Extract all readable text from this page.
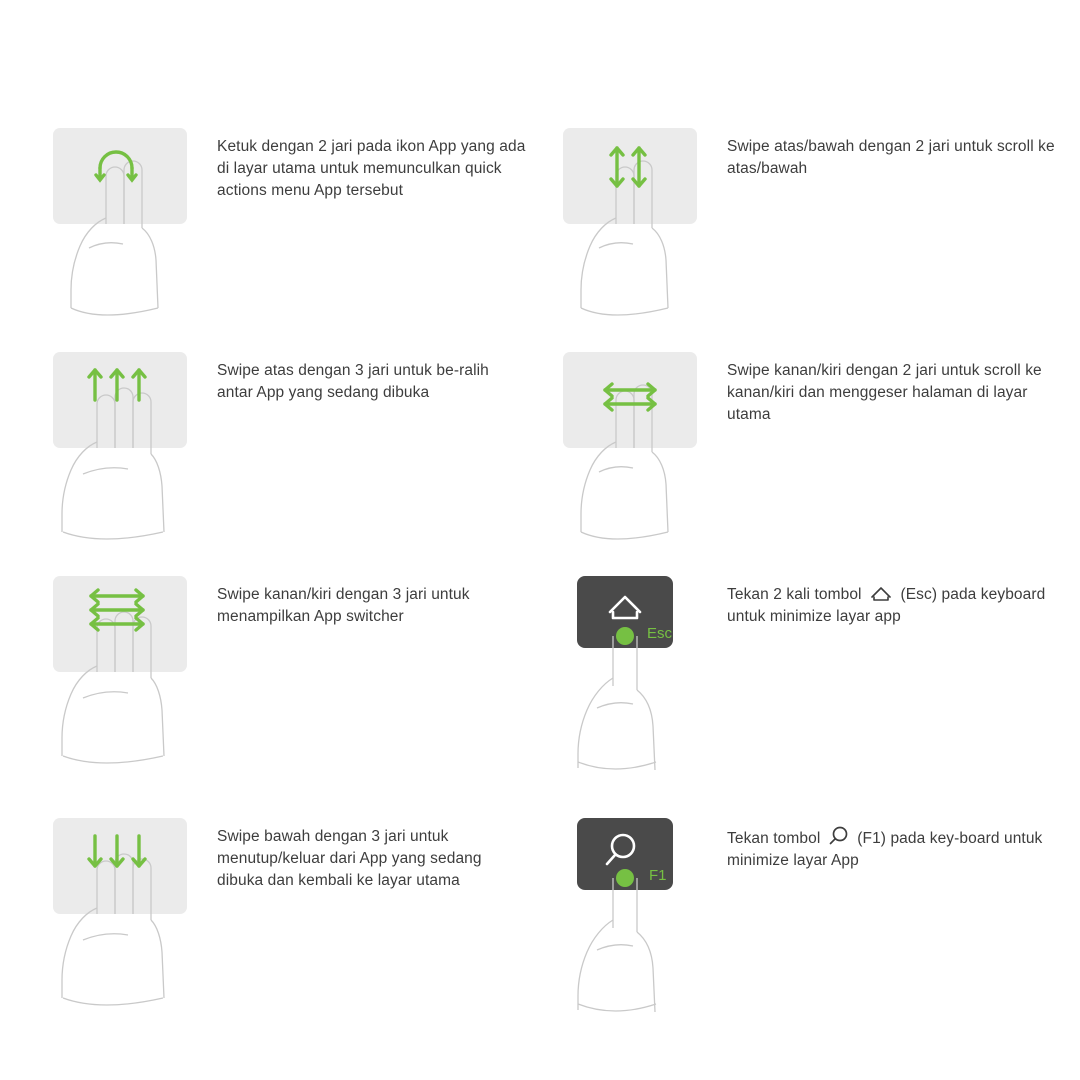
Ketuk dengan 2 jari pada ikon App yang ada di layar utama untuk memunculkan quick actions menu App tersebut
Swipe atas/bawah dengan 2 jari untuk scroll ke atas/bawah
Swipe atas dengan 3 jari untuk be-ralih antar App yang sedang dibuka
Swipe kanan/kiri dengan 2 jari untuk scroll ke kanan/kiri dan menggeser halaman di layar utama
Swipe kanan/kiri dengan 3 jari untuk menampilkan App switcher
Esc
Tekan 2 kali tombol	(Esc) pada keyboard untuk minimize layar app
Swipe bawah dengan 3 jari untuk menutup/keluar dari App yang sedang dibuka dan kembali ke layar utama	F1
Tekan tombol (F1) pada key-board untuk minimize layar App
